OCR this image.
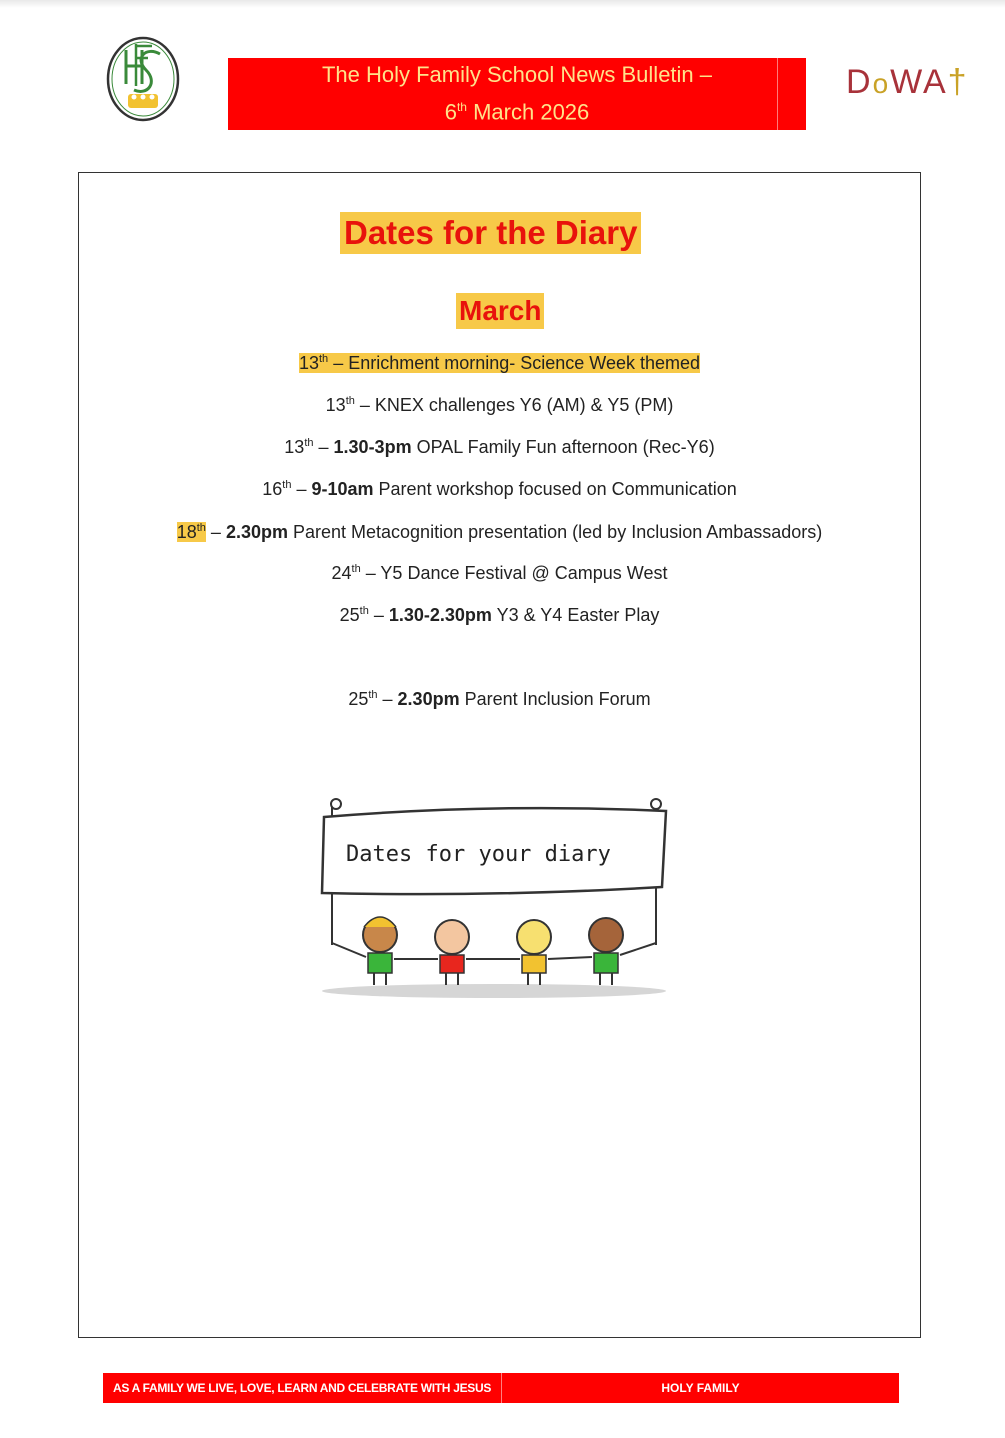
DoWA†
The Holy Family School News Bulletin –
6th March 2026
Dates for the Diary
March
13th – Enrichment morning- Science Week themed
13th – KNEX challenges Y6 (AM) & Y5 (PM)
13th – 1.30-3pm OPAL Family Fun afternoon (Rec-Y6)
16th – 9-10am Parent workshop focused on Communication
18th – 2.30pm Parent Metacognition presentation (led by Inclusion Ambassadors)
24th – Y5 Dance Festival @ Campus West
25th – 1.30-2.30pm Y3 & Y4 Easter Play
25th – 2.30pm Parent Inclusion Forum
Dates for your diary
AS A FAMILY WE LIVE, LOVE, LEARN AND CELEBRATE WITH JESUS	HOLY FAMILY
